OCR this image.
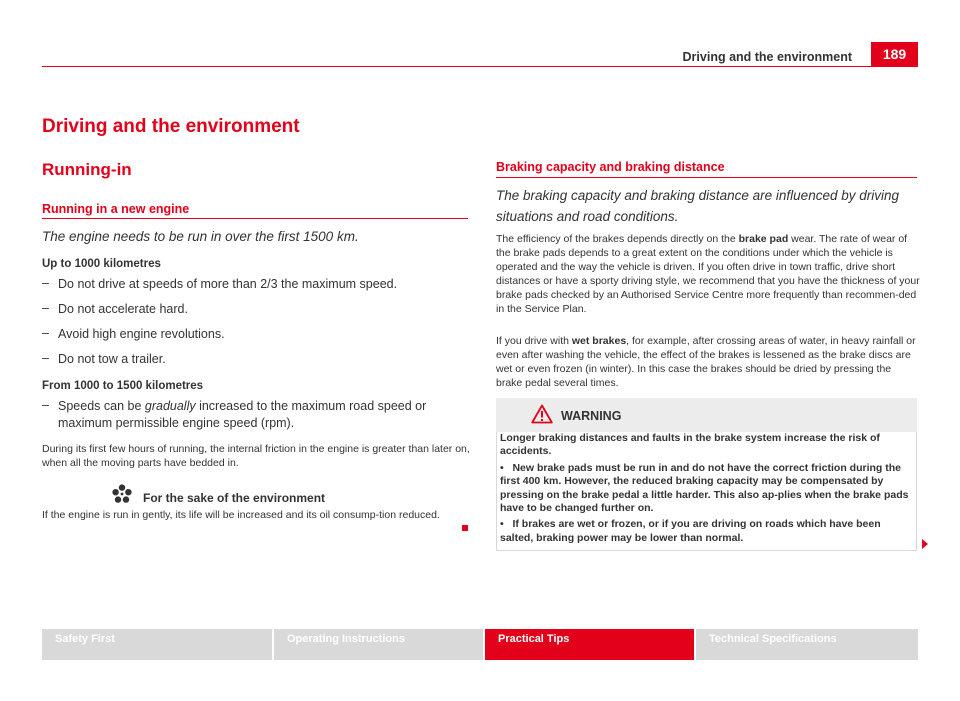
Driving and the environment	189
Driving and the environment
Running-in
Running in a new engine
The engine needs to be run in over the first 1500 km.
Up to 1000 kilometres
– Do not drive at speeds of more than 2/3 the maximum speed.
– Do not accelerate hard.
– Avoid high engine revolutions.
– Do not tow a trailer.
From 1000 to 1500 kilometres
– Speeds can be gradually increased to the maximum road speed or maximum permissible engine speed (rpm).
During its first few hours of running, the internal friction in the engine is greater than later on, when all the moving parts have bedded in.
For the sake of the environment
If the engine is run in gently, its life will be increased and its oil consump-tion reduced.
Braking capacity and braking distance
The braking capacity and braking distance are influenced by driving situations and road conditions.
The efficiency of the brakes depends directly on the brake pad wear. The rate of wear of the brake pads depends to a great extent on the conditions under which the vehicle is operated and the way the vehicle is driven. If you often drive in town traffic, drive short distances or have a sporty driving style, we recommend that you have the thickness of your brake pads checked by an Authorised Service Centre more frequently than recommen-ded in the Service Plan.
If you drive with wet brakes, for example, after crossing areas of water, in heavy rainfall or even after washing the vehicle, the effect of the brakes is lessened as the brake discs are wet or even frozen (in winter). In this case the brakes should be dried by pressing the brake pedal several times.
WARNING

Longer braking distances and faults in the brake system increase the risk of accidents.

• New brake pads must be run in and do not have the correct friction during the first 400 km. However, the reduced braking capacity may be compensated by pressing on the brake pedal a little harder. This also ap-plies when the brake pads have to be changed further on.

• If brakes are wet or frozen, or if you are driving on roads which have been salted, braking power may be lower than normal.

Safety First	Operating Instructions	Practical Tips	Technical Specifications
